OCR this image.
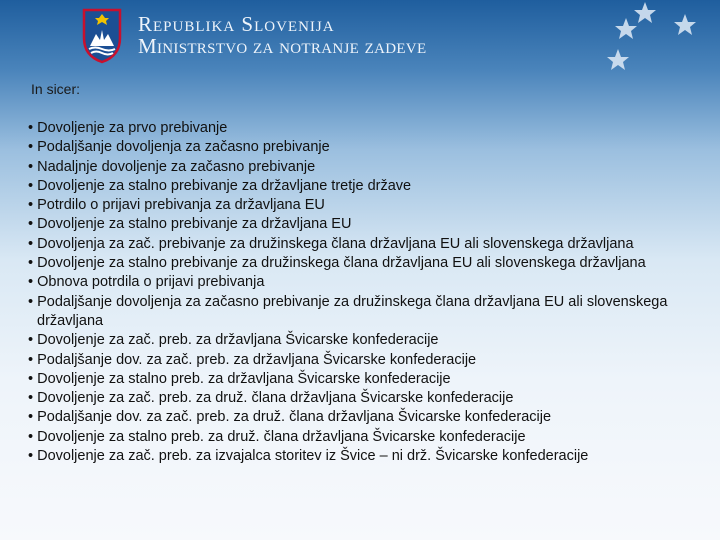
Republika Slovenija
Ministrstvo za notranje zadeve
In sicer:
• Dovoljenje za prvo prebivanje
• Podaljšanje dovoljenja za začasno prebivanje
• Nadaljnje dovoljenje za začasno prebivanje
• Dovoljenje za stalno prebivanje za državljane tretje države
• Potrdilo o prijavi prebivanja za državljana EU
• Dovoljenje za stalno prebivanje za državljana EU
• Dovoljenja za zač. prebivanje za družinskega člana državljana EU ali slovenskega državljana
• Dovoljenje za stalno prebivanje za družinskega člana državljana EU ali slovenskega državljana
• Obnova potrdila o prijavi prebivanja
• Podaljšanje dovoljenja za začasno prebivanje za družinskega člana državljana EU ali slovenskega državljana
• Dovoljenje za zač. preb. za državljana Švicarske konfederacije
• Podaljšanje dov. za zač. preb. za državljana Švicarske konfederacije
• Dovoljenje za stalno preb. za državljana Švicarske konfederacije
• Dovoljenje za zač. preb. za druž. člana državljana Švicarske konfederacije
• Podaljšanje dov. za zač. preb. za druž. člana državljana Švicarske konfederacije
• Dovoljenje za stalno preb. za druž. člana državljana Švicarske konfederacije
• Dovoljenje za zač. preb. za izvajalca storitev iz Švice – ni drž. Švicarske konfederacije
